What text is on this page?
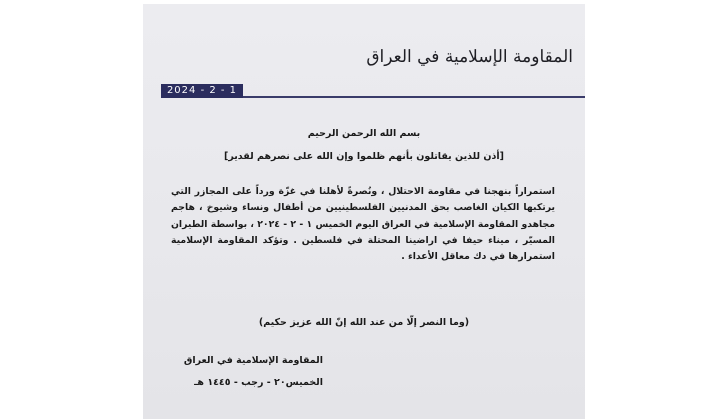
المقاومة الإسلامية في العراق
2024 - 2 - 1
بسم الله الرحمن الرحيم
[أذن للذين يقاتلون بأنهم ظلموا وإن الله على نصرهم لقدير]
استمراراً بنهجنا في مقاومة الاحتلال ، ونُصرةً لأهلنا في غزّة ورداً على المجازر التي يرتكبها الكيان الغاصب بحق المدنيين الفلسطينيين من أطفال ونساء وشيوخ ، هاجم مجاهدو المقاومة الإسلامية في العراق اليوم الخميس ١ - ٢ - ٢٠٢٤ ، بواسطة الطيران المسيّر ، ميناء حيفا في اراضينا المحتلة في فلسطين . وتؤكد المقاومة الإسلامية استمرارها في دك معاقل الأعداء .
(وما النصر إلّا من عند الله إنّ الله عزيز حكيم)
المقاومة الإسلامية في العراق
الخميس٢٠ - رجب - ١٤٤٥ هـ
